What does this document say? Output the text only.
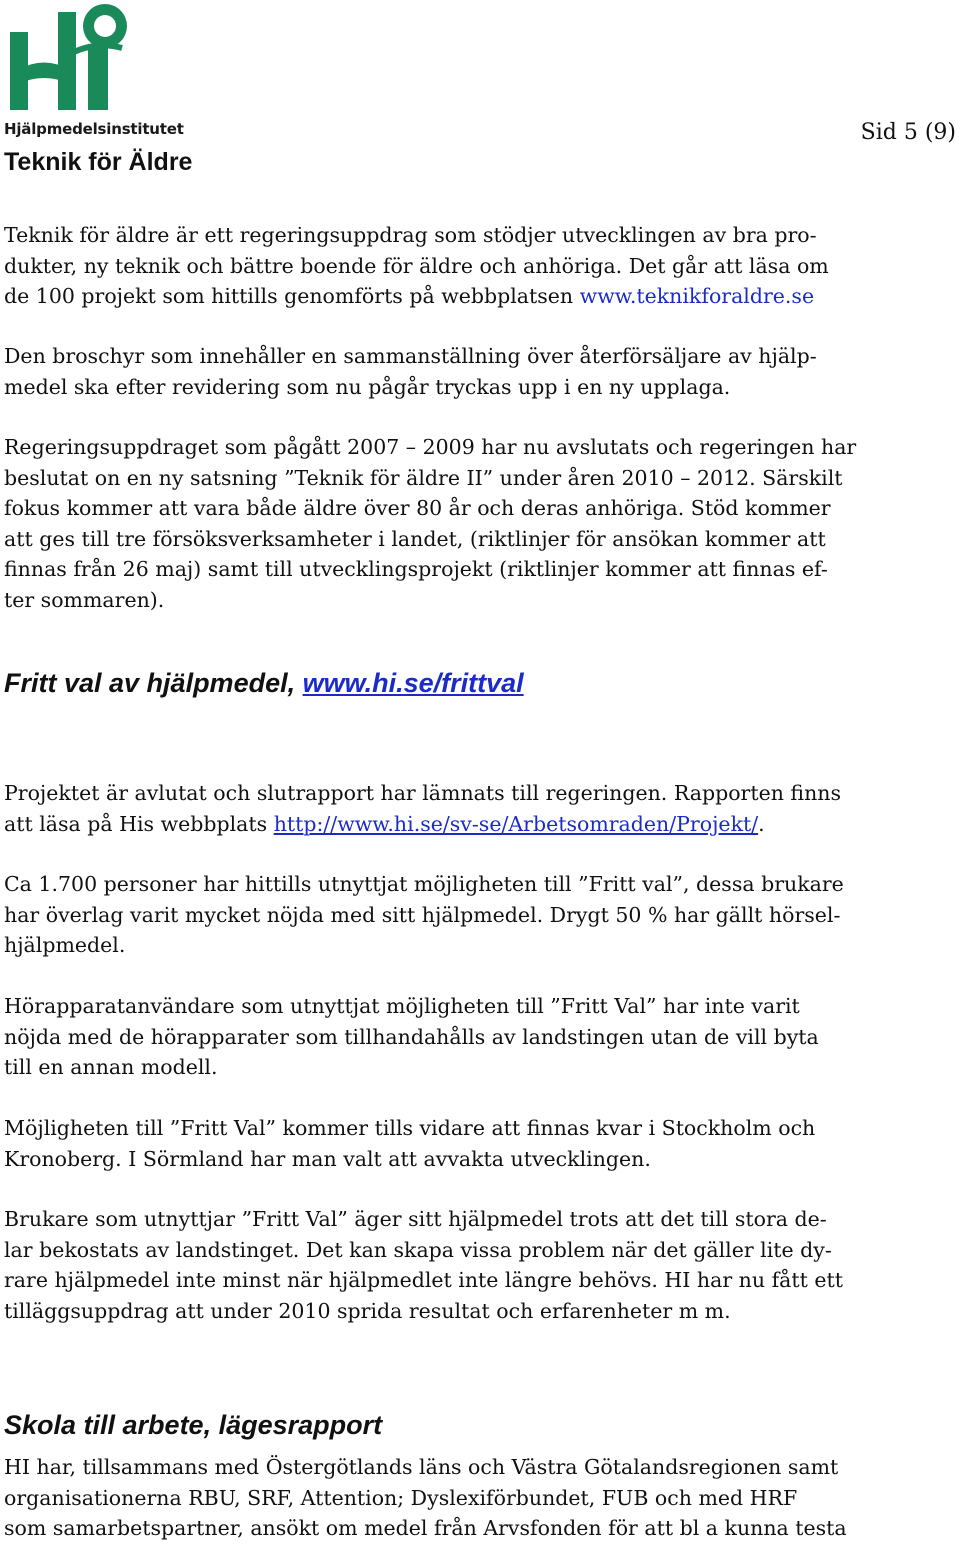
Hjälpmedelsinstitutet	Sid 5 (9)
Teknik för Äldre

Teknik för äldre är ett regeringsuppdrag som stödjer utvecklingen av bra pro-
dukter, ny teknik och bättre boende för äldre och anhöriga. Det går att läsa om
de 100 projekt som hittills genomförts på webbplatsen www.teknikforaldre.se

Den broschyr som innehåller en sammanställning över återförsäljare av hjälp-
medel ska efter revidering som nu pågår tryckas upp i en ny upplaga.

Regeringsuppdraget som pågått 2007 – 2009 har nu avslutats och regeringen har
beslutat on en ny satsning ”Teknik för äldre II” under åren 2010 – 2012. Särskilt
fokus kommer att vara både äldre över 80 år och deras anhöriga. Stöd kommer
att ges till tre försöksverksamheter i landet, (riktlinjer för ansökan kommer att
finnas från 26 maj) samt till utvecklingsprojekt (riktlinjer kommer att finnas ef-
ter sommaren).

Fritt val av hjälpmedel, www.hi.se/frittval

Projektet är avlutat och slutrapport har lämnats till regeringen. Rapporten finns
att läsa på His webbplats http://www.hi.se/sv-se/Arbetsomraden/Projekt/.

Ca 1.700 personer har hittills utnyttjat möjligheten till ”Fritt val”, dessa brukare
har överlag varit mycket nöjda med sitt hjälpmedel. Drygt 50 % har gällt hörsel-
hjälpmedel.

Hörapparatanvändare som utnyttjat möjligheten till ”Fritt Val” har inte varit
nöjda med de hörapparater som tillhandahålls av landstingen utan de vill byta
till en annan modell.

Möjligheten till ”Fritt Val” kommer tills vidare att finnas kvar i Stockholm och
Kronoberg. I Sörmland har man valt att avvakta utvecklingen.

Brukare som utnyttjar ”Fritt Val” äger sitt hjälpmedel trots att det till stora de-
lar bekostats av landstinget. Det kan skapa vissa problem när det gäller lite dy-
rare hjälpmedel inte minst när hjälpmedlet inte längre behövs. HI har nu fått ett
tilläggsuppdrag att under 2010 sprida resultat och erfarenheter m m.

Skola till arbete, lägesrapport

HI har, tillsammans med Östergötlands läns och Västra Götalandsregionen samt
organisationerna RBU, SRF, Attention; Dyslexiförbundet, FUB och med HRF
som samarbetspartner, ansökt om medel från Arvsfonden för att bl a kunna testa
